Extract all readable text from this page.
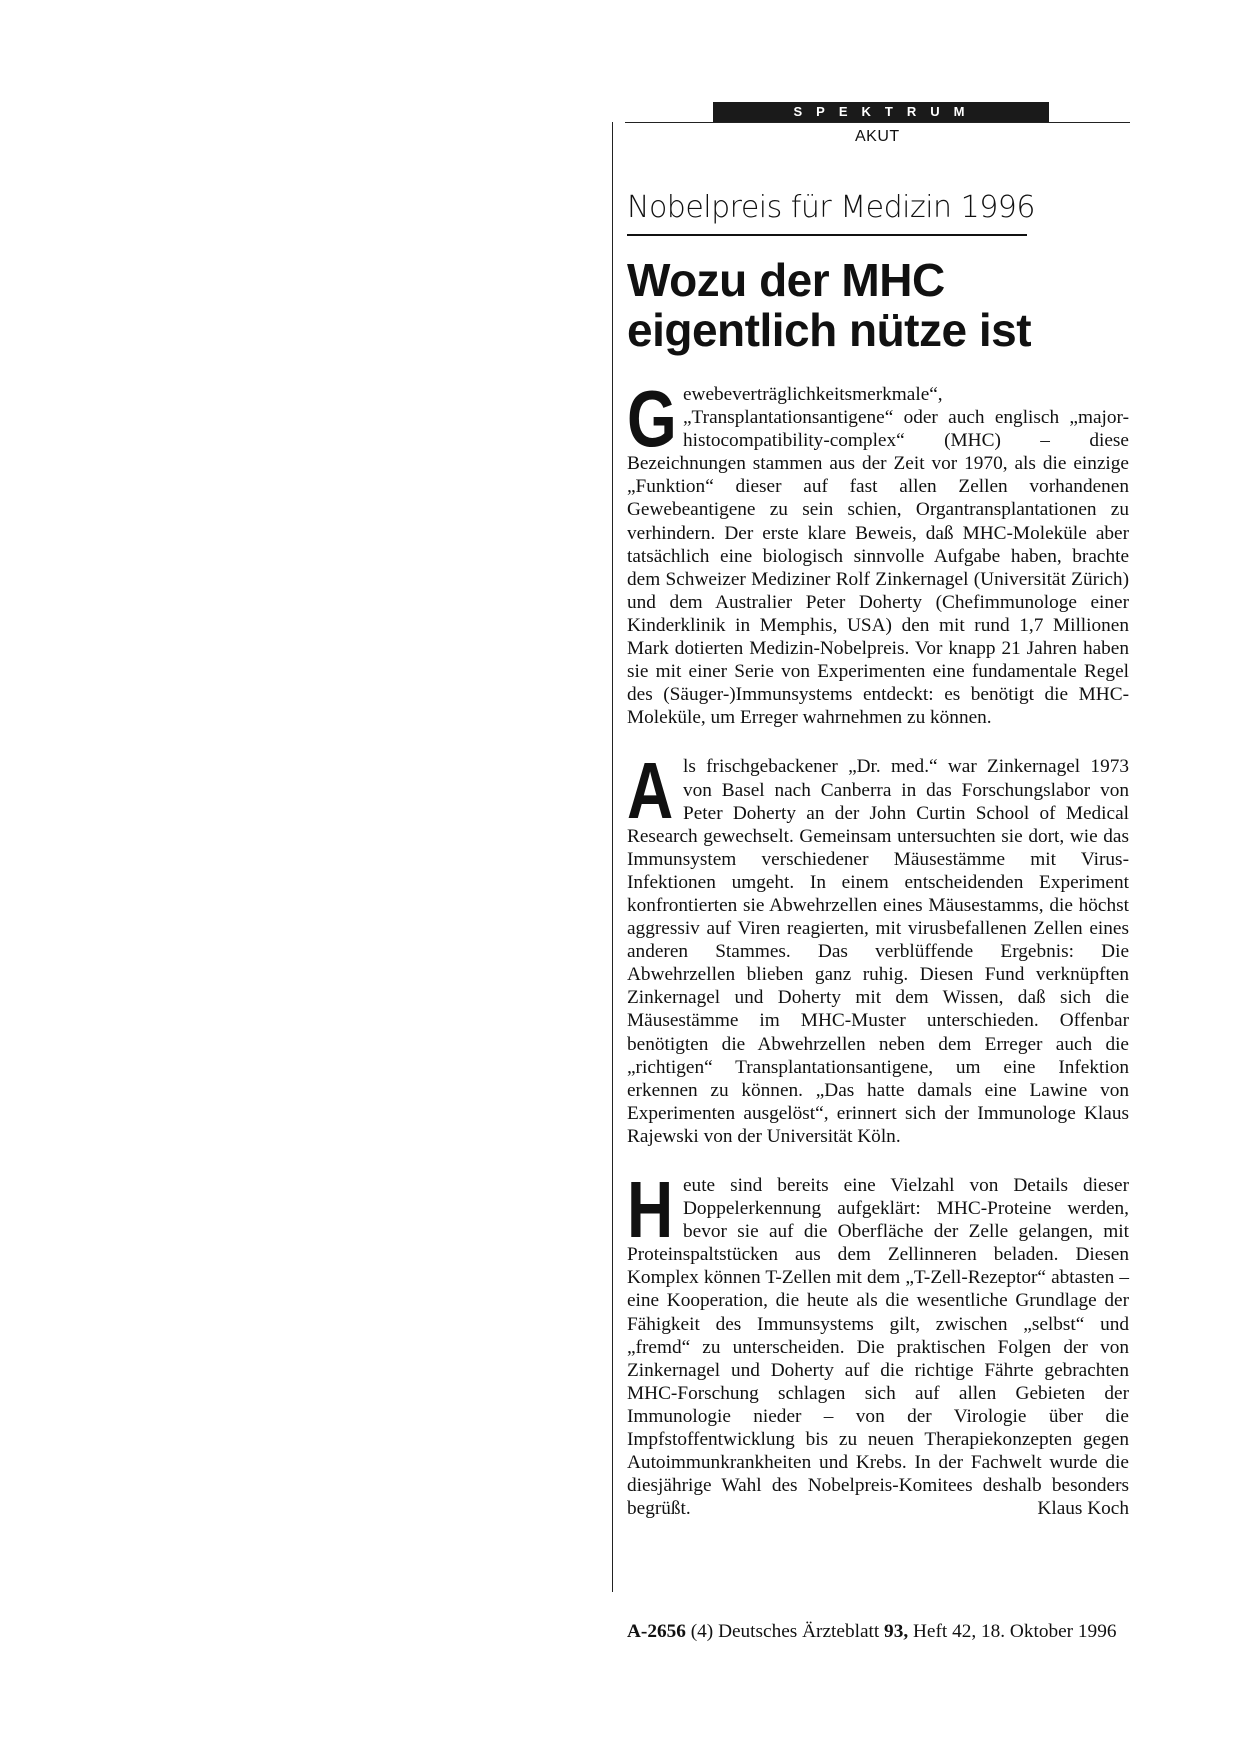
SPEKTRUM
AKUT
Nobelpreis für Medizin 1996
Wozu der MHC eigentlich nütze ist

Gewebeverträglichkeitsmerkmale“, „Transplantationsantigene“ oder auch englisch „major-histocompatibility-complex“ (MHC) – diese Bezeichnungen stammen aus der Zeit vor 1970, als die einzige „Funktion“ dieser auf fast allen Zellen vorhandenen Gewebeantigene zu sein schien, Organtransplantationen zu verhindern. Der erste klare Beweis, daß MHC-Moleküle aber tatsächlich eine biologisch sinnvolle Aufgabe haben, brachte dem Schweizer Mediziner Rolf Zinkernagel (Universität Zürich) und dem Australier Peter Doherty (Chefimmunologe einer Kinderklinik in Memphis, USA) den mit rund 1,7 Millionen Mark dotierten Medizin-Nobelpreis. Vor knapp 21 Jahren haben sie mit einer Serie von Experimenten eine fundamentale Regel des (Säuger-)Immunsystems entdeckt: es benötigt die MHC-Moleküle, um Erreger wahrnehmen zu können.

Als frischgebackener „Dr. med.“ war Zinkernagel 1973 von Basel nach Canberra in das Forschungslabor von Peter Doherty an der John Curtin School of Medical Research gewechselt. Gemeinsam untersuchten sie dort, wie das Immunsystem verschiedener Mäusestämme mit Virus-Infektionen umgeht. In einem entscheidenden Experiment konfrontierten sie Abwehrzellen eines Mäusestamms, die höchst aggressiv auf Viren reagierten, mit virusbefallenen Zellen eines anderen Stammes. Das verblüffende Ergebnis: Die Abwehrzellen blieben ganz ruhig. Diesen Fund verknüpften Zinkernagel und Doherty mit dem Wissen, daß sich die Mäusestämme im MHC-Muster unterschieden. Offenbar benötigten die Abwehrzellen neben dem Erreger auch die „richtigen“ Transplantationsantigene, um eine Infektion erkennen zu können. „Das hatte damals eine Lawine von Experimenten ausgelöst“, erinnert sich der Immunologe Klaus Rajewski von der Universität Köln.

Heute sind bereits eine Vielzahl von Details dieser Doppelerkennung aufgeklärt: MHC-Proteine werden, bevor sie auf die Oberfläche der Zelle gelangen, mit Proteinspaltstücken aus dem Zellinneren beladen. Diesen Komplex können T-Zellen mit dem „T-Zell-Rezeptor“ abtasten – eine Kooperation, die heute als die wesentliche Grundlage der Fähigkeit des Immunsystems gilt, zwischen „selbst“ und „fremd“ zu unterscheiden. Die praktischen Folgen der von Zinkernagel und Doherty auf die richtige Fährte gebrachten MHC-Forschung schlagen sich auf allen Gebieten der Immunologie nieder – von der Virologie über die Impfstoffentwicklung bis zu neuen Therapiekonzepten gegen Autoimmunkrankheiten und Krebs. In der Fachwelt wurde die diesjährige Wahl des Nobelpreis-Komitees deshalb besonders begrüßt.	Klaus Koch

A-2656 (4) Deutsches Ärzteblatt 93, Heft 42, 18. Oktober 1996
